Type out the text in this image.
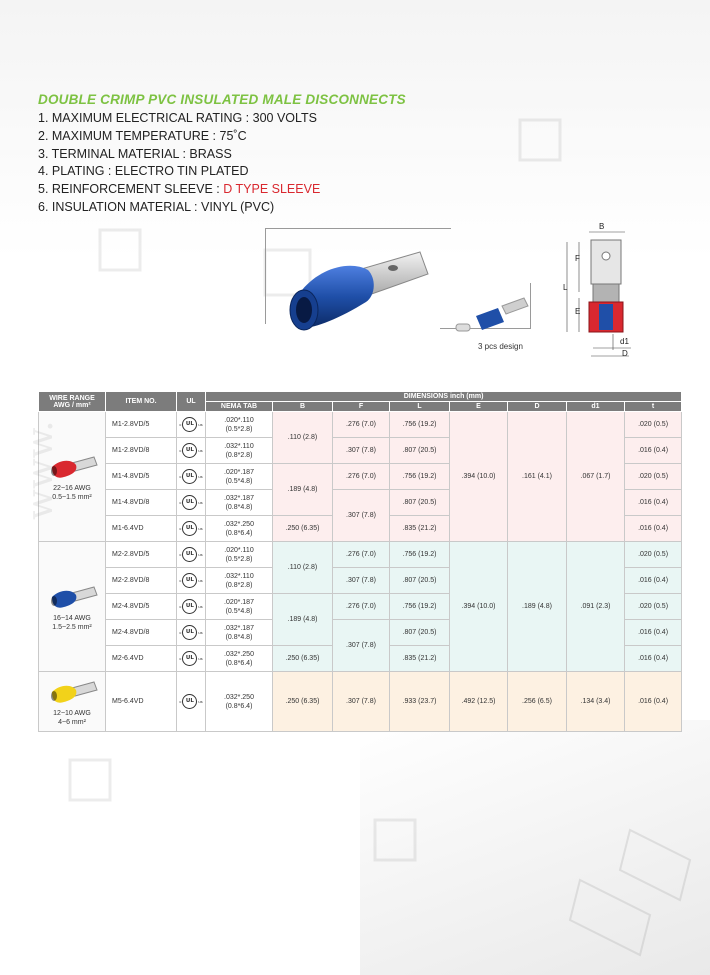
DOUBLE CRIMP PVC INSULATED MALE DISCONNECTS
1. MAXIMUM ELECTRICAL RATING : 300 VOLTS
2. MAXIMUM TEMPERATURE : 75˚C
3. TERMINAL MATERIAL : BRASS
4. PLATING : ELECTRO TIN PLATED
5. REINFORCEMENT SLEEVE : D TYPE SLEEVE
6. INSULATION MATERIAL : VINYL (PVC)
3 pcs design
B
F
L
E
d1
D
WIRE RANGE AWG / mm²	ITEM NO.	UL	DIMENSIONS inch (mm)							
			NEMA TAB	B	F	L	E	D	d1	t

22~16 AWG
0.5~1.5 mm²	M1-2.8VD/5	c UL us	.020*.110
(0.5*2.8)	.110 (2.8)	.276 (7.0)	.756 (19.2)	.394 (10.0)	.161 (4.1)	.067 (1.7)	.020 (0.5)
	M1-2.8VD/8	c UL us	.032*.110
(0.8*2.8)		.307 (7.8)	.807 (20.5)				.016 (0.4)
	M1-4.8VD/5	c UL us	.020*.187
(0.5*4.8)	.189 (4.8)	.276 (7.0)	.756 (19.2)				.020 (0.5)
	M1-4.8VD/8	c UL us	.032*.187
(0.8*4.8)		.307 (7.8)	.807 (20.5)				.016 (0.4)
	M1-6.4VD	c UL us	.032*.250
(0.8*6.4)	.250 (6.35)		.835 (21.2)				.016 (0.4)

16~14 AWG
1.5~2.5 mm²	M2-2.8VD/5	c UL us	.020*.110
(0.5*2.8)	.110 (2.8)	.276 (7.0)	.756 (19.2)	.394 (10.0)	.189 (4.8)	.091 (2.3)	.020 (0.5)
	M2-2.8VD/8	c UL us	.032*.110
(0.8*2.8)		.307 (7.8)	.807 (20.5)				.016 (0.4)
	M2-4.8VD/5	c UL us	.020*.187
(0.5*4.8)	.189 (4.8)	.276 (7.0)	.756 (19.2)				.020 (0.5)
	M2-4.8VD/8	c UL us	.032*.187
(0.8*4.8)		.307 (7.8)	.807 (20.5)				.016 (0.4)
	M2-6.4VD	c UL us	.032*.250
(0.8*6.4)	.250 (6.35)		.835 (21.2)				.016 (0.4)

12~10 AWG
4~6 mm²	M5-6.4VD	c UL us	.032*.250
(0.8*6.4)	.250 (6.35)	.307 (7.8)	.933 (23.7)	.492 (12.5)	.256 (6.5)	.134 (3.4)	.016 (0.4)
